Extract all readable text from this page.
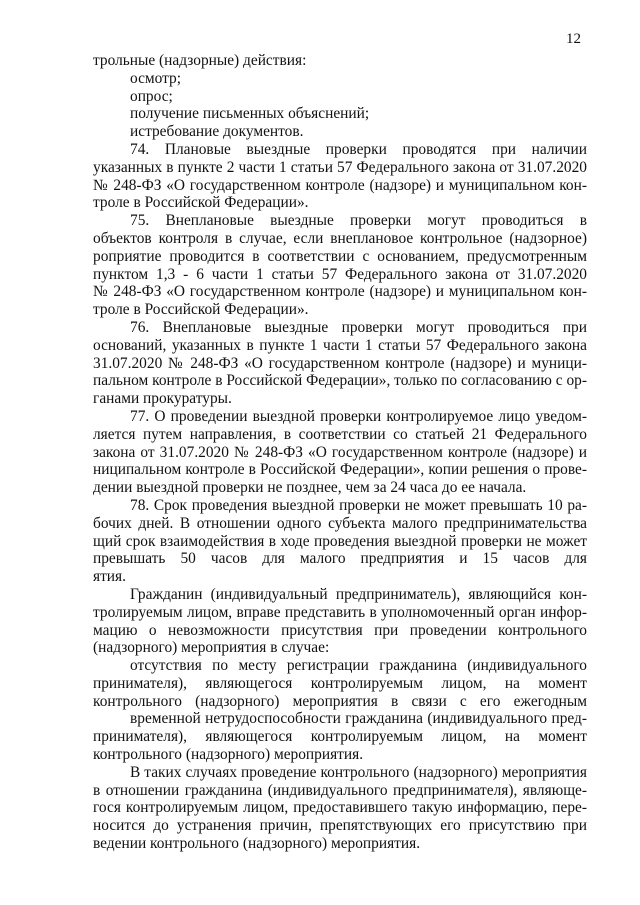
12
трольные (надзорные) действия:
осмотр;
опрос;
получение письменных объяснений;
истребование документов.
74. Плановые выездные проверки проводятся при наличии
указанных в пункте 2 части 1 статьи 57 Федерального закона от 31.07.2020
№ 248-ФЗ «О государственном контроле (надзоре) и муниципальном кон-
троле в Российской Федерации».
75. Внеплановые выездные проверки могут проводиться в
объектов контроля в случае, если внеплановое контрольное (надзорное)
роприятие проводится в соответствии с основанием, предусмотренным
пунктом 1,3 - 6 части 1 статьи 57 Федерального закона от 31.07.2020
№ 248-ФЗ «О государственном контроле (надзоре) и муниципальном кон-
троле в Российской Федерации».
76. Внеплановые выездные проверки могут проводиться при
оснований, указанных в пункте 1 части 1 статьи 57 Федерального закона
31.07.2020 № 248-ФЗ «О государственном контроле (надзоре) и муници-
пальном контроле в Российской Федерации», только по согласованию с ор-
ганами прокуратуры.
77. О проведении выездной проверки контролируемое лицо уведом-
ляется путем направления, в соответствии со статьей 21 Федерального
закона от 31.07.2020 № 248-ФЗ «О государственном контроле (надзоре) и
ниципальном контроле в Российской Федерации», копии решения о прове-
дении выездной проверки не позднее, чем за 24 часа до ее начала.
78. Срок проведения выездной проверки не может превышать 10 ра-
бочих дней. В отношении одного субъекта малого предпринимательства
щий срок взаимодействия в ходе проведения выездной проверки не может
превышать 50 часов для малого предприятия и 15 часов для
ятия.
Гражданин (индивидуальный предприниматель), являющийся кон-
тролируемым лицом, вправе представить в уполномоченный орган инфор-
мацию о невозможности присутствия при проведении контрольного
(надзорного) мероприятия в случае:
отсутствия по месту регистрации гражданина (индивидуального
принимателя), являющегося контролируемым лицом, на момент
контрольного (надзорного) мероприятия в связи с его ежегодным
временной нетрудоспособности гражданина (индивидуального пред-
принимателя), являющегося контролируемым лицом, на момент
контрольного (надзорного) мероприятия.
В таких случаях проведение контрольного (надзорного) мероприятия
в отношении гражданина (индивидуального предпринимателя), являюще-
гося контролируемым лицом, предоставившего такую информацию, пере-
носится до устранения причин, препятствующих его присутствию при
ведении контрольного (надзорного) мероприятия.
